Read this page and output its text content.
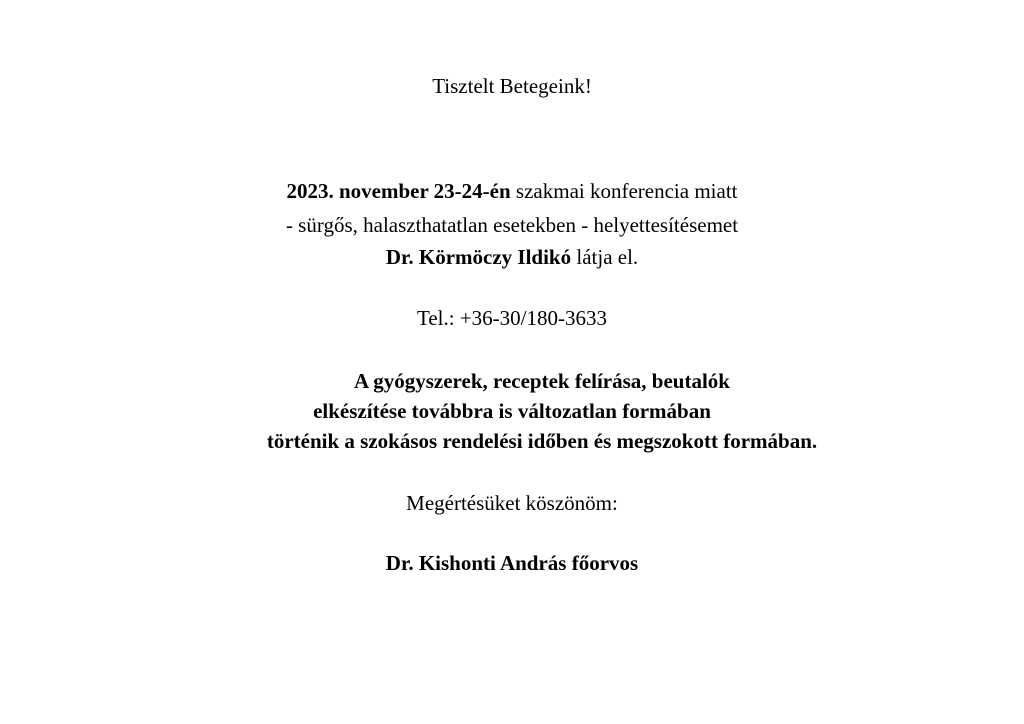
Tisztelt Betegeink!
2023. november 23-24-én szakmai konferencia miatt
- sürgős, halaszthatatlan esetekben - helyettesítésemet
Dr. Körmöczy Ildikó látja el.
Tel.: +36-30/180-3633
A gyógyszerek, receptek felírása, beutalók
elkészítése továbbra is változatlan formában
történik a szokásos rendelési időben és megszokott formában.
Megértésüket köszönöm:
Dr. Kishonti András főorvos
